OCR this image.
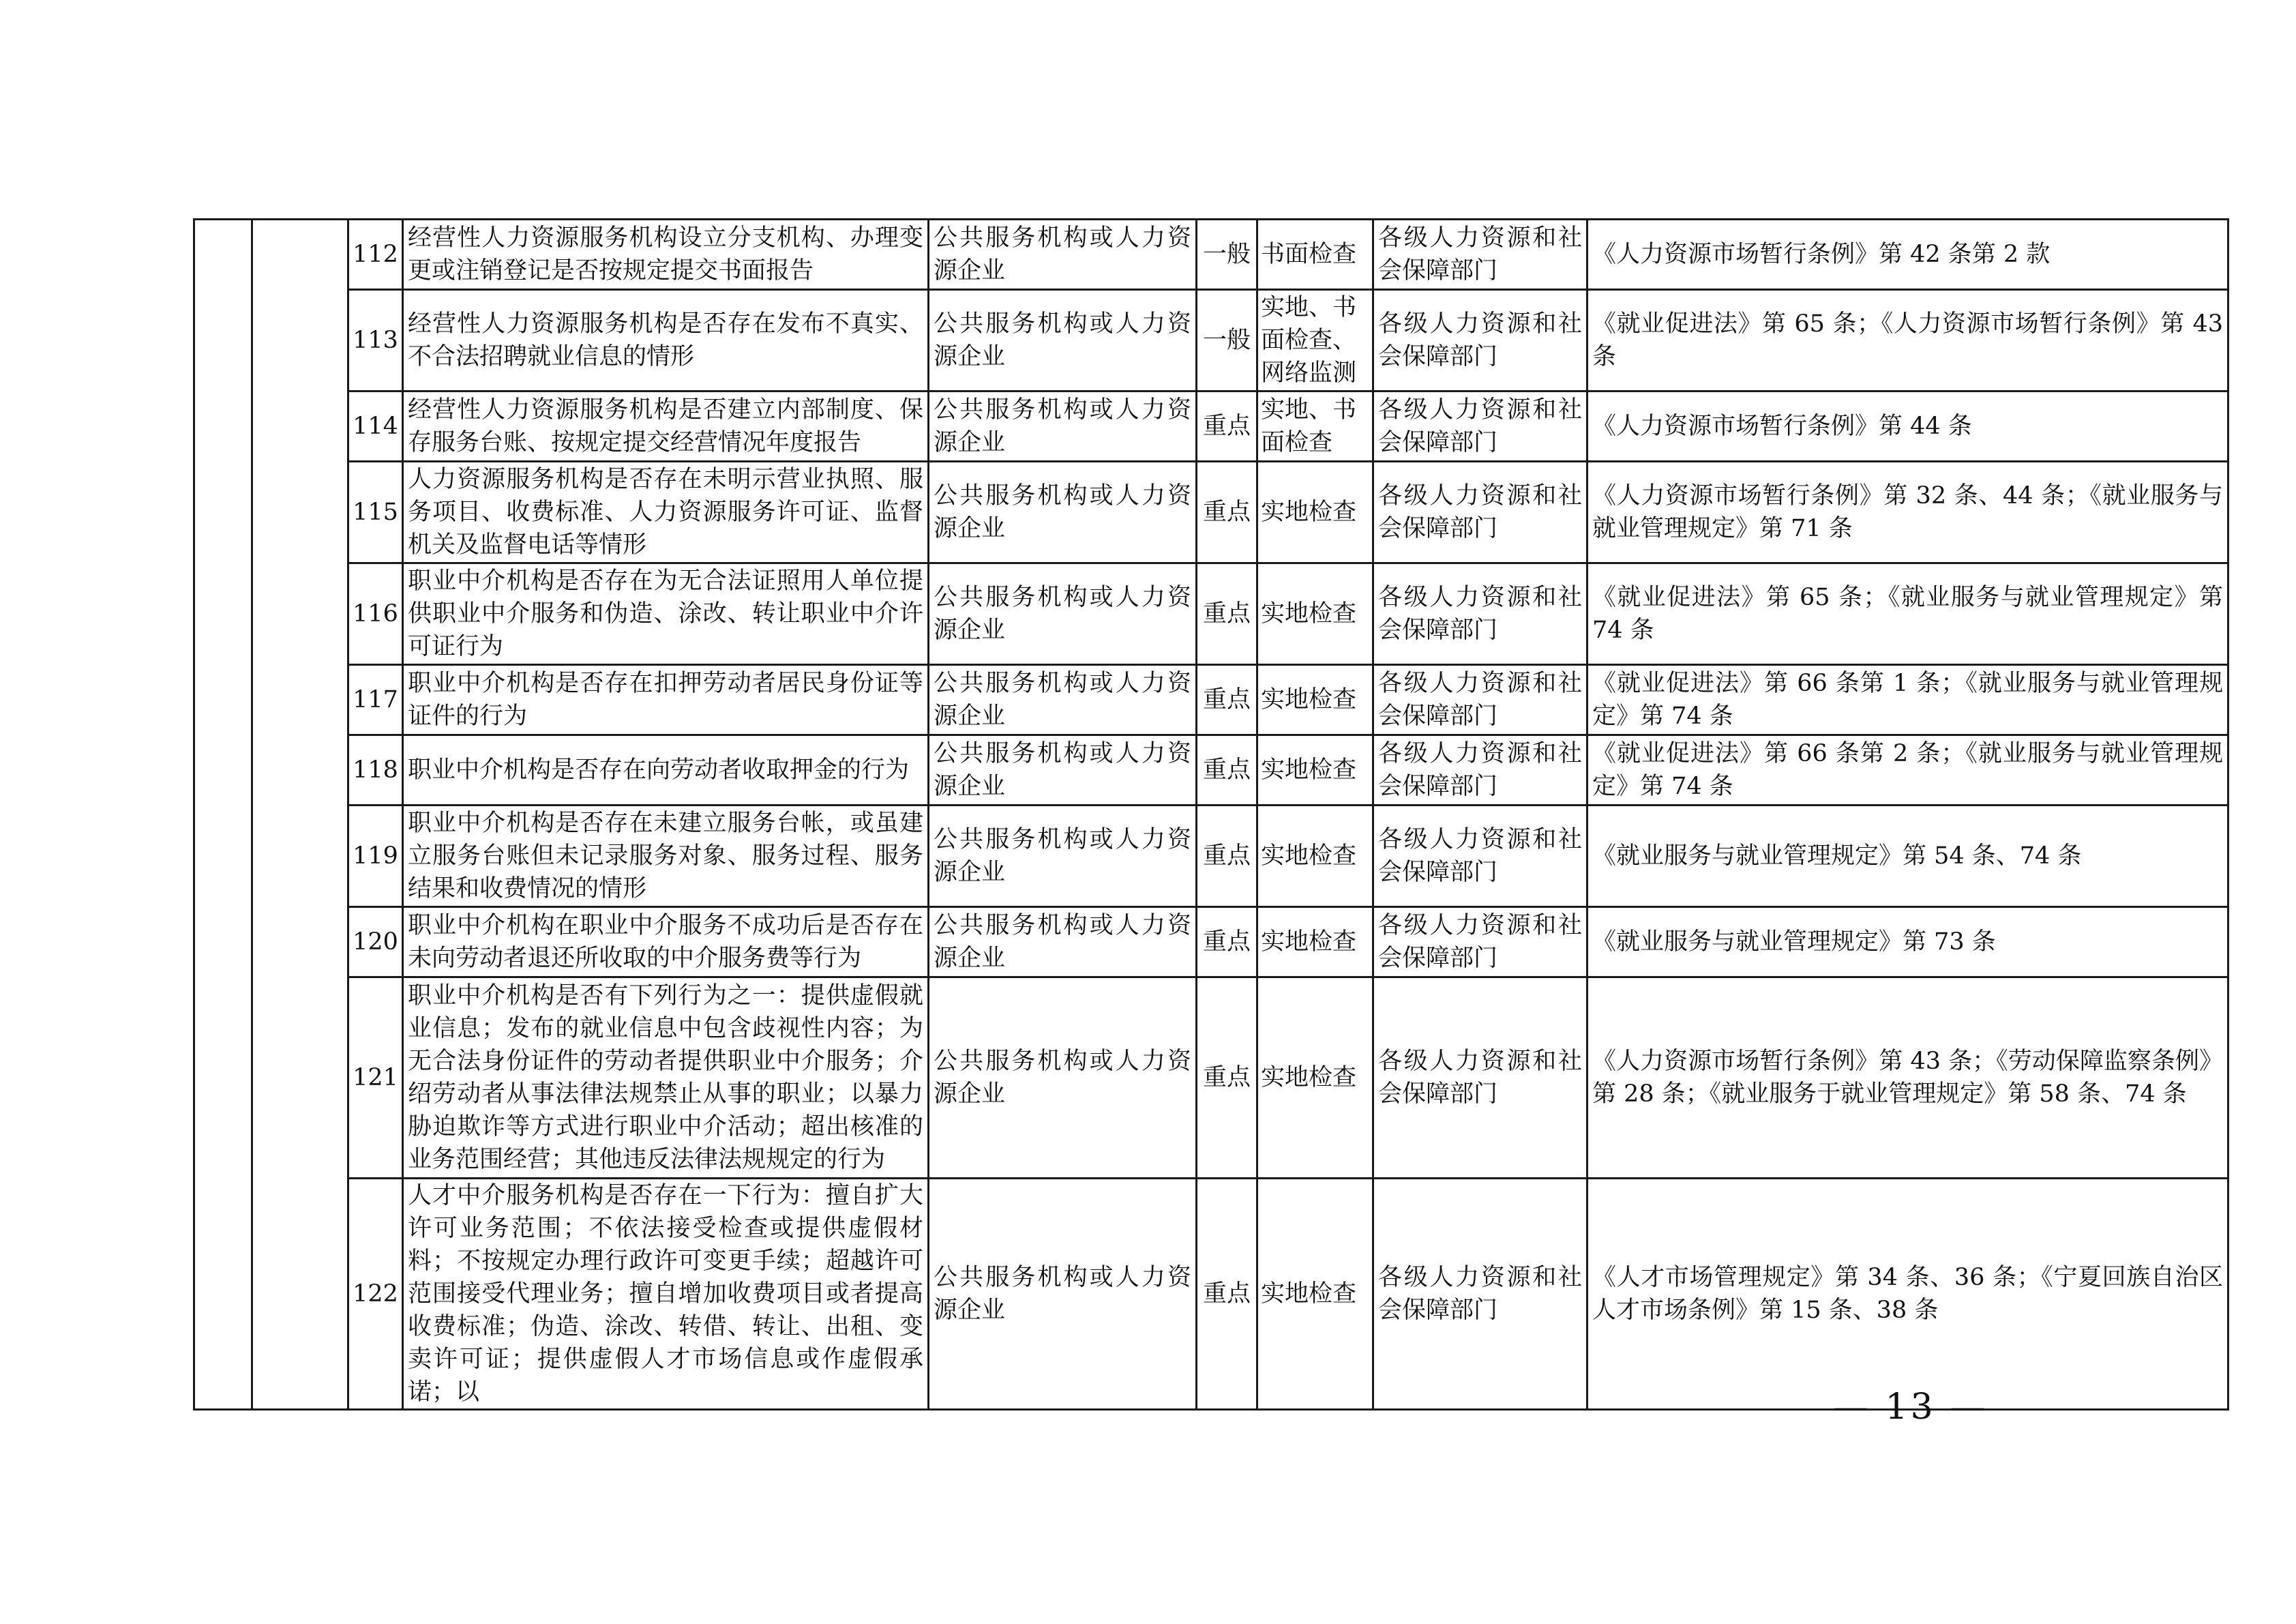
		112	经营性人力资源服务机构设立分支机构、办理变更或注销登记是否按规定提交书面报告	公共服务机构或人力资源企业	一般	书面检查	各级人力资源和社会保障部门	《人力资源市场暂行条例》第 42 条第 2 款
		113	经营性人力资源服务机构是否存在发布不真实、不合法招聘就业信息的情形	公共服务机构或人力资源企业	一般	实地、书面检查、网络监测	各级人力资源和社会保障部门	《就业促进法》第 65 条；《人力资源市场暂行条例》第 43 条
		114	经营性人力资源服务机构是否建立内部制度、保存服务台账、按规定提交经营情况年度报告	公共服务机构或人力资源企业	重点	实地、书面检查	各级人力资源和社会保障部门	《人力资源市场暂行条例》第 44 条
		115	人力资源服务机构是否存在未明示营业执照、服务项目、收费标准、人力资源服务许可证、监督机关及监督电话等情形	公共服务机构或人力资源企业	重点	实地检查	各级人力资源和社会保障部门	《人力资源市场暂行条例》第 32 条、44 条；《就业服务与就业管理规定》第 71 条
		116	职业中介机构是否存在为无合法证照用人单位提供职业中介服务和伪造、涂改、转让职业中介许可证行为	公共服务机构或人力资源企业	重点	实地检查	各级人力资源和社会保障部门	《就业促进法》第 65 条；《就业服务与就业管理规定》第 74 条
		117	职业中介机构是否存在扣押劳动者居民身份证等证件的行为	公共服务机构或人力资源企业	重点	实地检查	各级人力资源和社会保障部门	《就业促进法》第 66 条第 1 条；《就业服务与就业管理规定》第 74 条
		118	职业中介机构是否存在向劳动者收取押金的行为	公共服务机构或人力资源企业	重点	实地检查	各级人力资源和社会保障部门	《就业促进法》第 66 条第 2 条；《就业服务与就业管理规定》第 74 条
		119	职业中介机构是否存在未建立服务台帐，或虽建立服务台账但未记录服务对象、服务过程、服务结果和收费情况的情形	公共服务机构或人力资源企业	重点	实地检查	各级人力资源和社会保障部门	《就业服务与就业管理规定》第 54 条、74 条
		120	职业中介机构在职业中介服务不成功后是否存在未向劳动者退还所收取的中介服务费等行为	公共服务机构或人力资源企业	重点	实地检查	各级人力资源和社会保障部门	《就业服务与就业管理规定》第 73 条
		121	职业中介机构是否有下列行为之一：提供虚假就业信息；发布的就业信息中包含歧视性内容；为无合法身份证件的劳动者提供职业中介服务；介绍劳动者从事法律法规禁止从事的职业；以暴力胁迫欺诈等方式进行职业中介活动；超出核准的业务范围经营；其他违反法律法规规定的行为	公共服务机构或人力资源企业	重点	实地检查	各级人力资源和社会保障部门	《人力资源市场暂行条例》第 43 条；《劳动保障监察条例》第 28 条；《就业服务于就业管理规定》第 58 条、74 条
		122	人才中介服务机构是否存在一下行为：擅自扩大许可业务范围；不依法接受检查或提供虚假材料；不按规定办理行政许可变更手续；超越许可范围接受代理业务；擅自增加收费项目或者提高收费标准；伪造、涂改、转借、转让、出租、变卖许可证；提供虚假人才市场信息或作虚假承诺；以	公共服务机构或人力资源企业	重点	实地检查	各级人力资源和社会保障部门	《人才市场管理规定》第 34 条、36 条；《宁夏回族自治区人才市场条例》第 15 条、38 条
— 13 —
